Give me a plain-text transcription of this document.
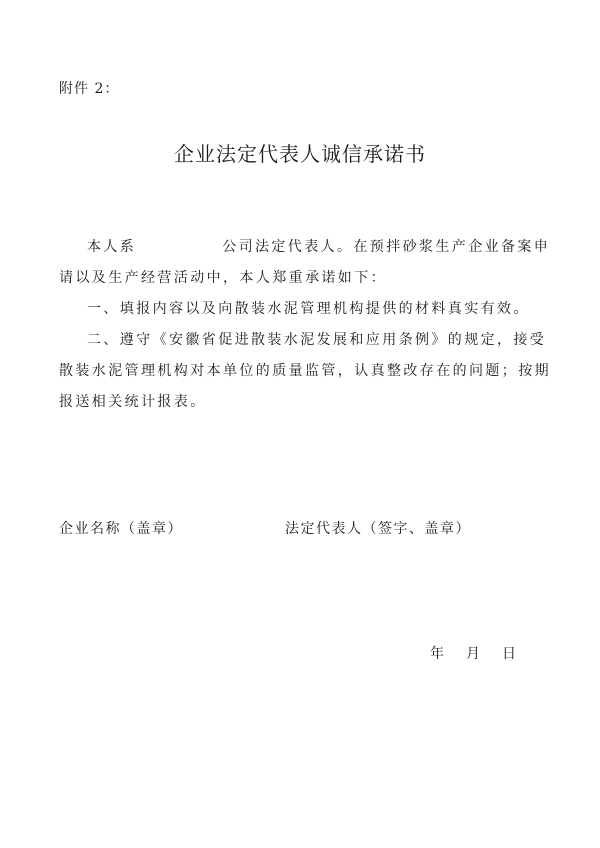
附件 2：
企业法定代表人诚信承诺书
本人系	公司法定代表人。在预拌砂浆生产企业备案申
请以及生产经营活动中，本人郑重承诺如下：
一、填报内容以及向散装水泥管理机构提供的材料真实有效。
二、遵守《安徽省促进散装水泥发展和应用条例》的规定，接受
散装水泥管理机构对本单位的质量监管，认真整改存在的问题；按期
报送相关统计报表。
企业名称（盖章）	法定代表人（签字、盖章）
年 月 日
